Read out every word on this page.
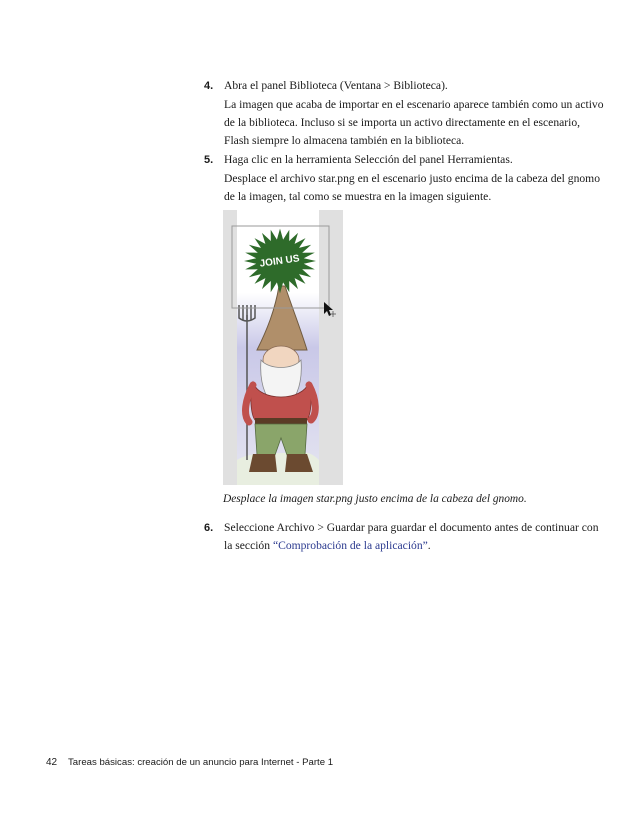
4. Abra el panel Biblioteca (Ventana > Biblioteca).

La imagen que acaba de importar en el escenario aparece también como un activo de la biblioteca. Incluso si se importa un activo directamente en el escenario, Flash siempre lo almacena también en la biblioteca.

5. Haga clic en la herramienta Selección del panel Herramientas.

Desplace el archivo star.png en el escenario justo encima de la cabeza del gnomo de la imagen, tal como se muestra en la imagen siguiente.

JOIN US
Desplace la imagen star.png justo encima de la cabeza del gnomo.
6. Seleccione Archivo > Guardar para guardar el documento antes de continuar con la sección “Comprobación de la aplicación”.

42 Tareas básicas: creación de un anuncio para Internet - Parte 1
